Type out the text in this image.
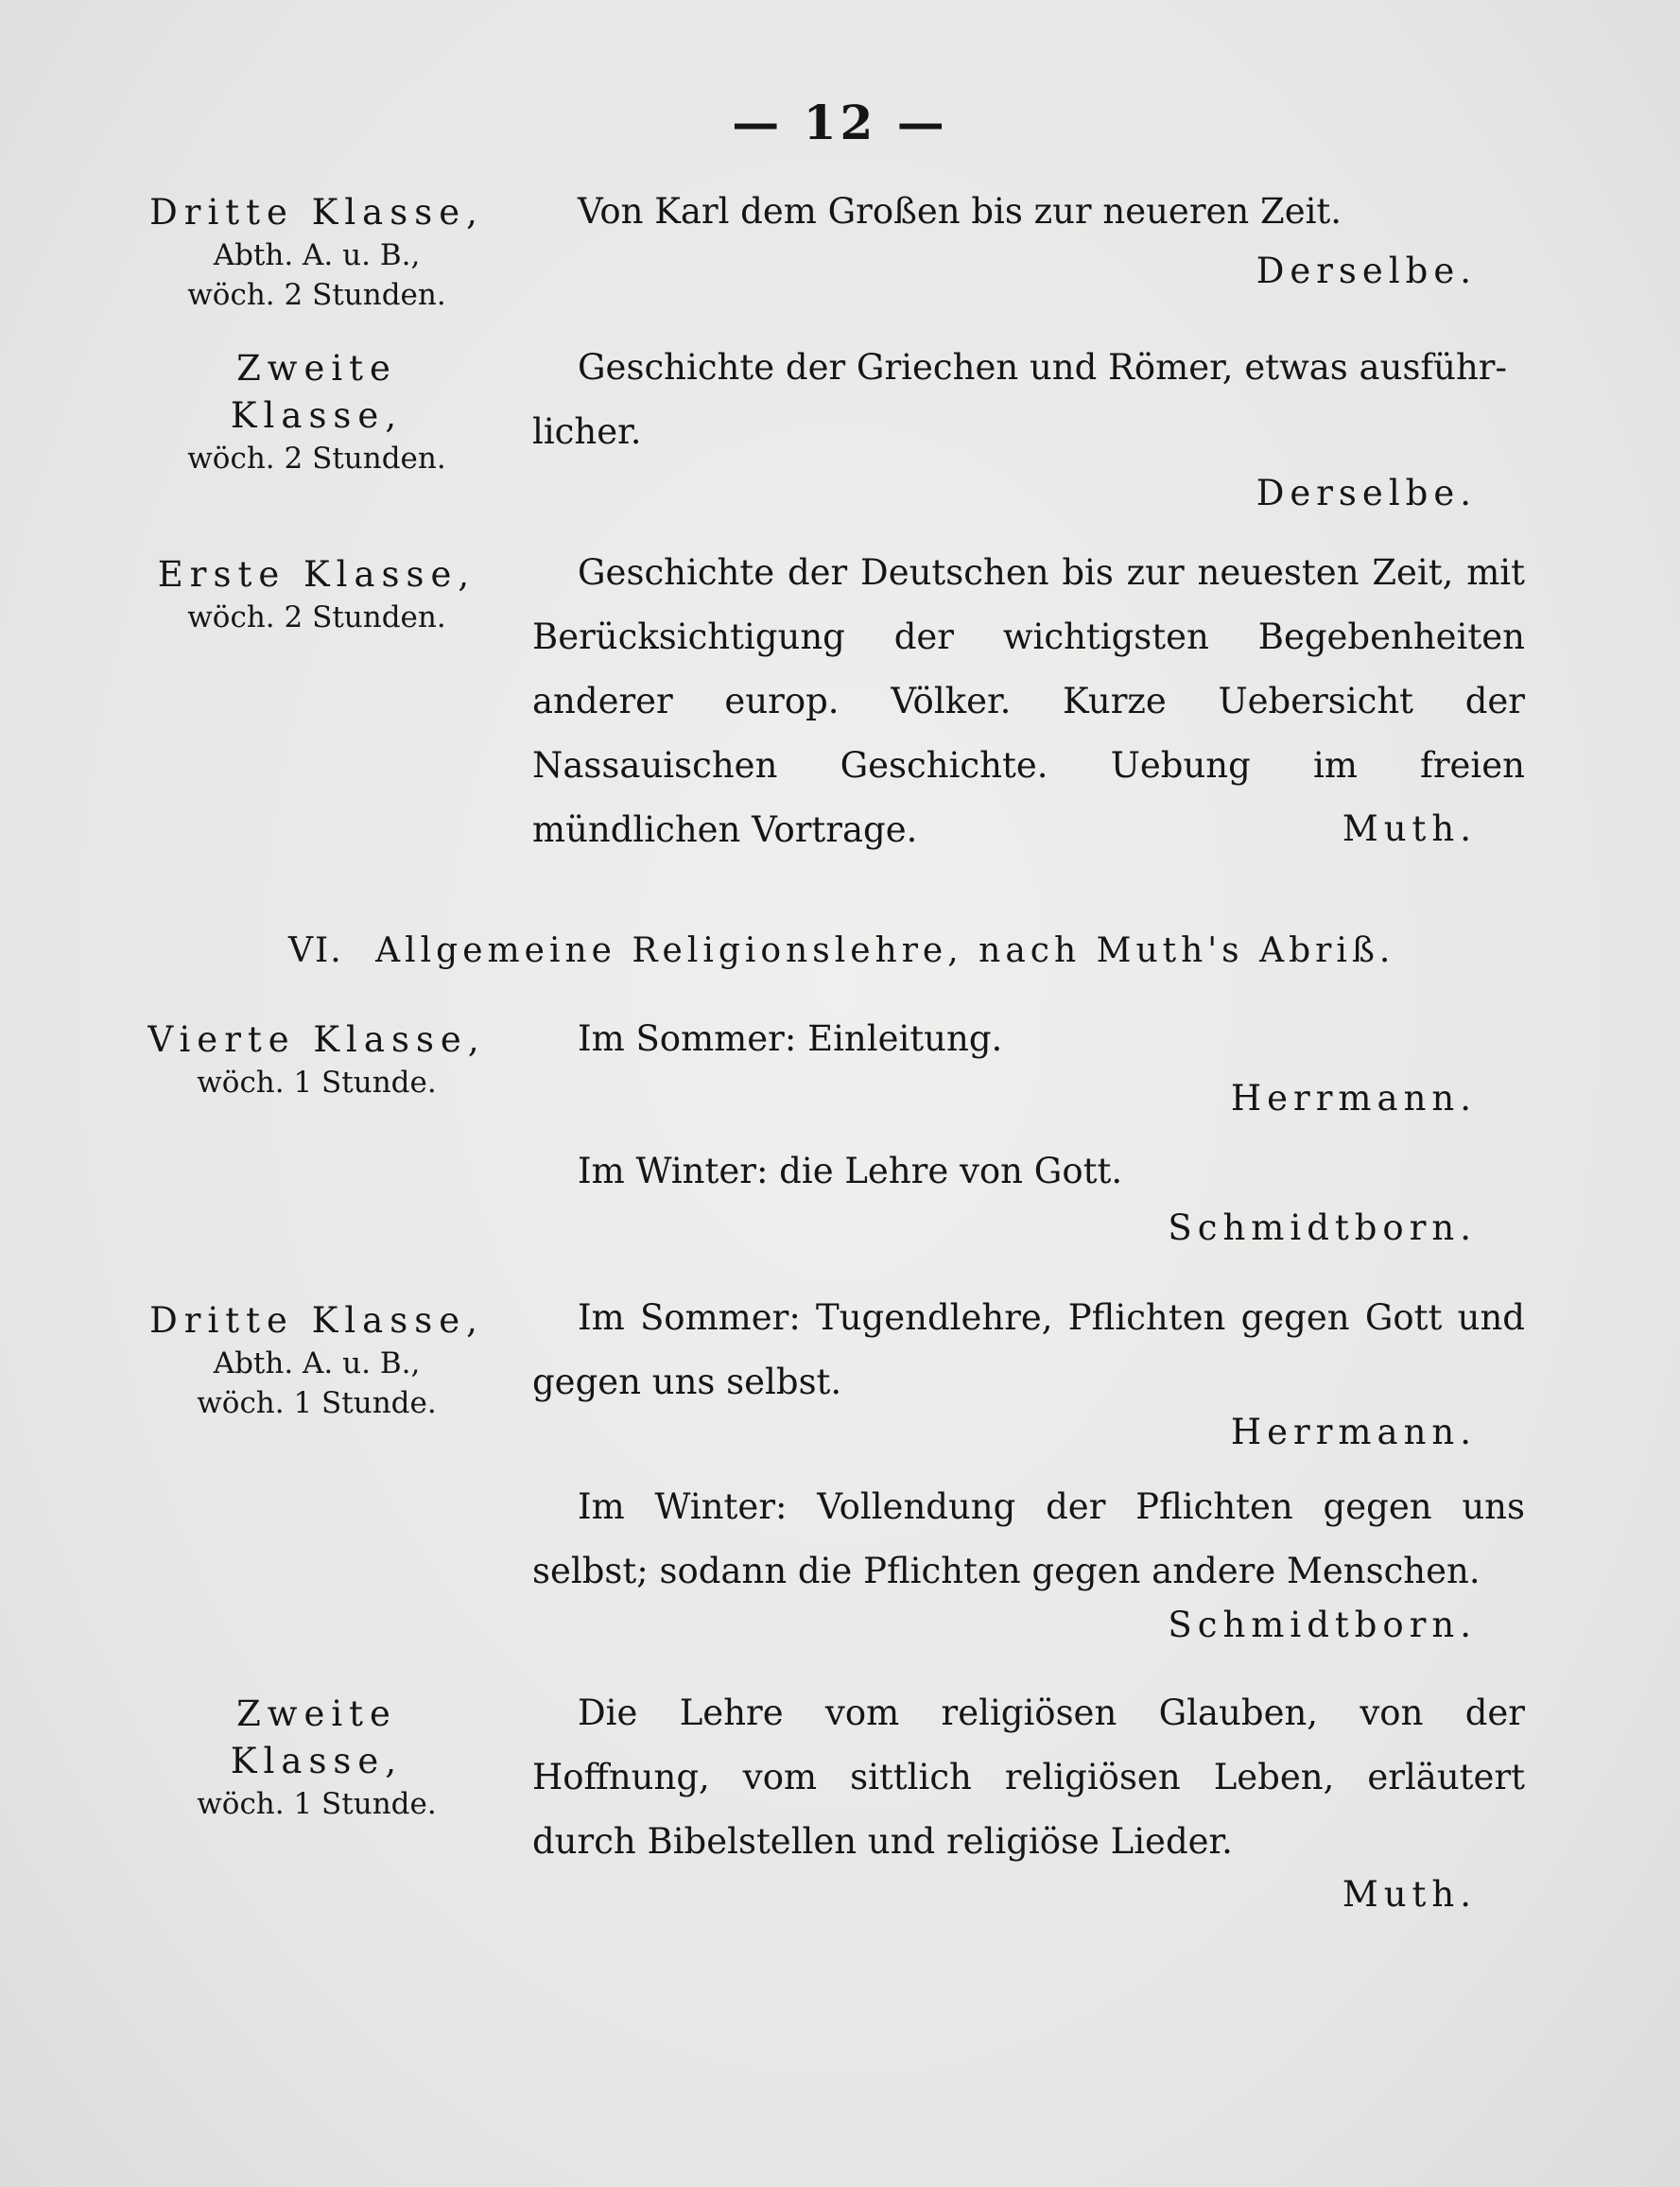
— 12 —
Dritte Klasse,
Abth. A. u. B.,
wöch. 2 Stunden.

Von Karl dem Großen bis zur neueren Zeit.

Derselbe.
Zweite Klasse,
wöch. 2 Stunden.

Geschichte der Griechen und Römer, etwas ausführ-

licher.

Derselbe.
Erste Klasse,
wöch. 2 Stunden.

Geschichte der Deutschen bis zur neuesten Zeit, mit Berücksichtigung der wichtigsten Begebenheiten anderer europ. Völker. Kurze Uebersicht der Nassauischen Geschichte. Uebung im freien mündlichen Vortrage.	Muth.
VI. Allgemeine Religionslehre, nach Muth's Abriß.
Vierte Klasse,
wöch. 1 Stunde.

Im Sommer: Einleitung.

Herrmann.

Im Winter: die Lehre von Gott.

Schmidtborn.
Dritte Klasse,
Abth. A. u. B.,
wöch. 1 Stunde.

Im Sommer: Tugendlehre, Pflichten gegen Gott und gegen uns selbst.

Herrmann.

Im Winter: Vollendung der Pflichten gegen uns selbst; sodann die Pflichten gegen andere Menschen.

Schmidtborn.
Zweite Klasse,
wöch. 1 Stunde.

Die Lehre vom religiösen Glauben, von der Hoffnung, vom sittlich religiösen Leben, erläutert durch Bibelstellen und religiöse Lieder.

Muth.
